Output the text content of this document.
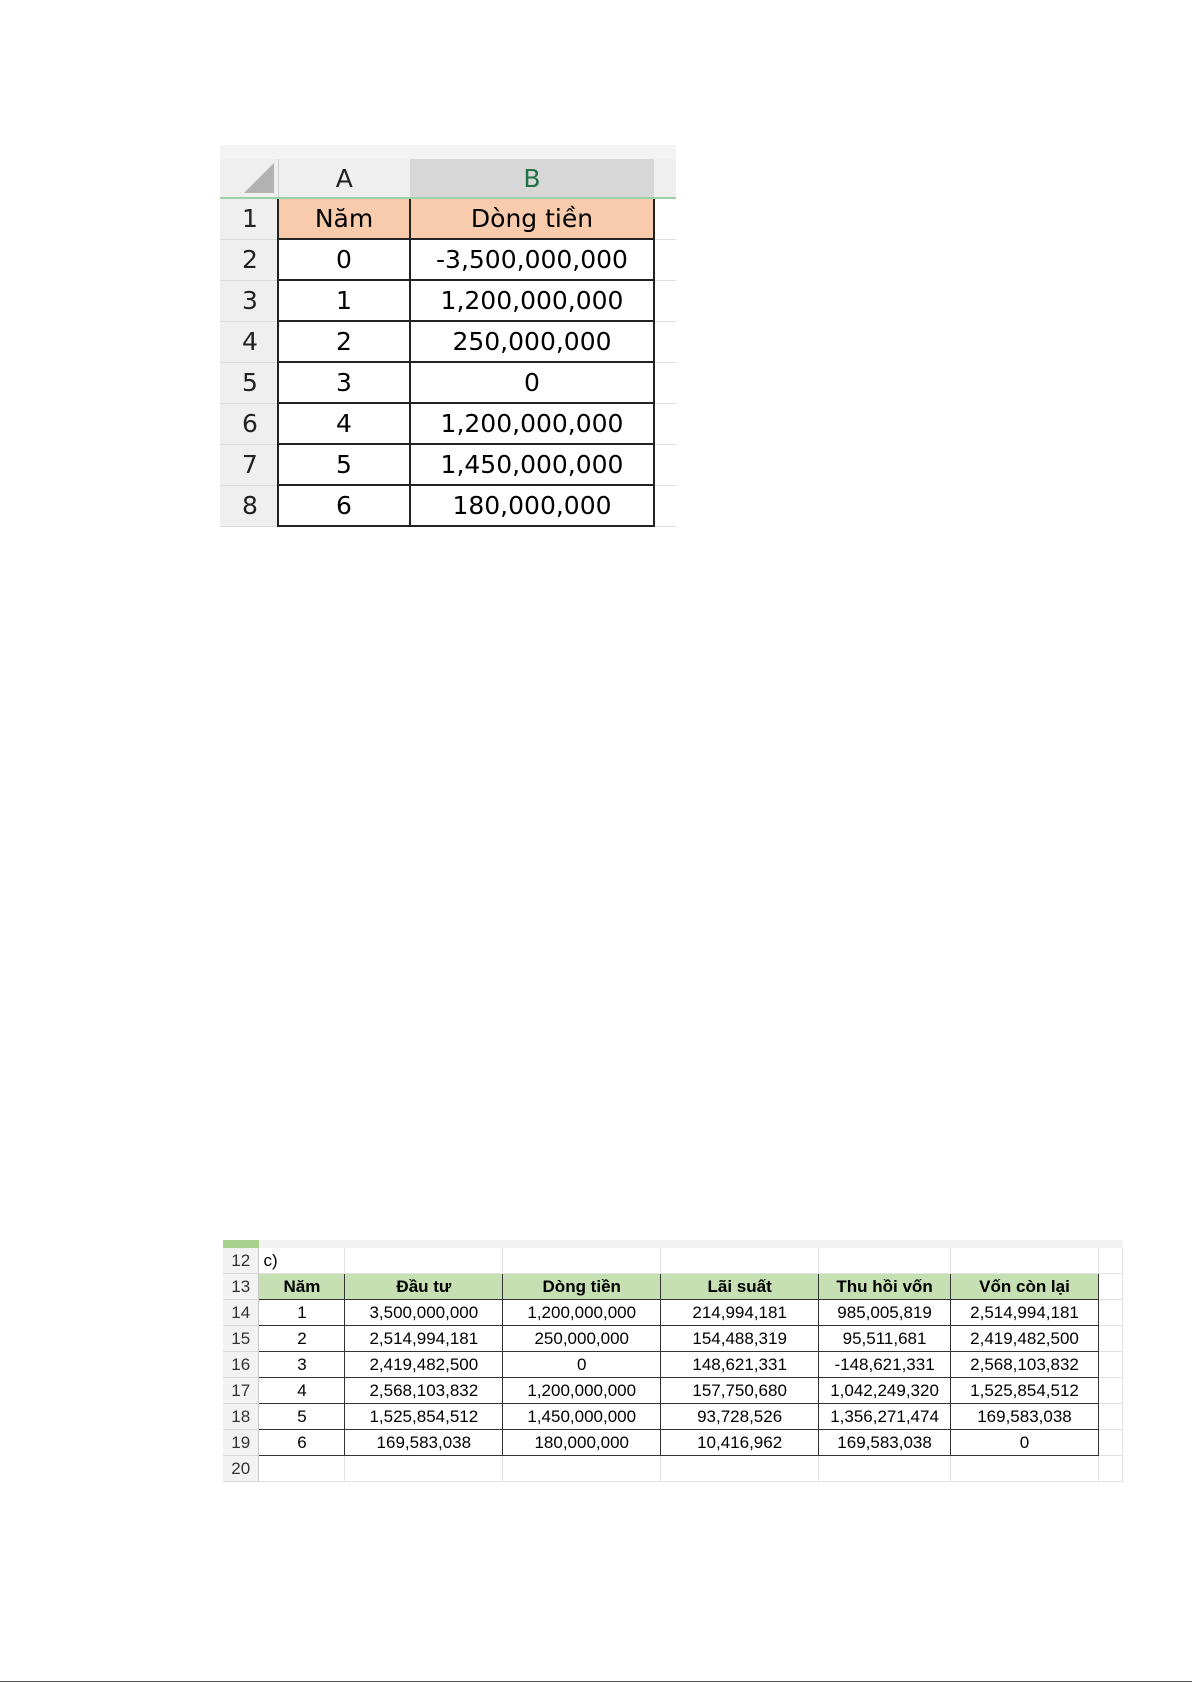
	A	B	
1	Năm	Dòng tiền	
2	0	-3,500,000,000	
3	1	1,200,000,000	
4	2	250,000,000	
5	3	0	
6	4	1,200,000,000	
7	5	1,450,000,000	
8	6	180,000,000	
12	c)						
13	Năm	Đầu tư	Dòng tiền	Lãi suất	Thu hồi vốn	Vốn còn lại	
14	1	3,500,000,000	1,200,000,000	214,994,181	985,005,819	2,514,994,181	
15	2	2,514,994,181	250,000,000	154,488,319	95,511,681	2,419,482,500	
16	3	2,419,482,500	0	148,621,331	-148,621,331	2,568,103,832	
17	4	2,568,103,832	1,200,000,000	157,750,680	1,042,249,320	1,525,854,512	
18	5	1,525,854,512	1,450,000,000	93,728,526	1,356,271,474	169,583,038	
19	6	169,583,038	180,000,000	10,416,962	169,583,038	0	
20							
